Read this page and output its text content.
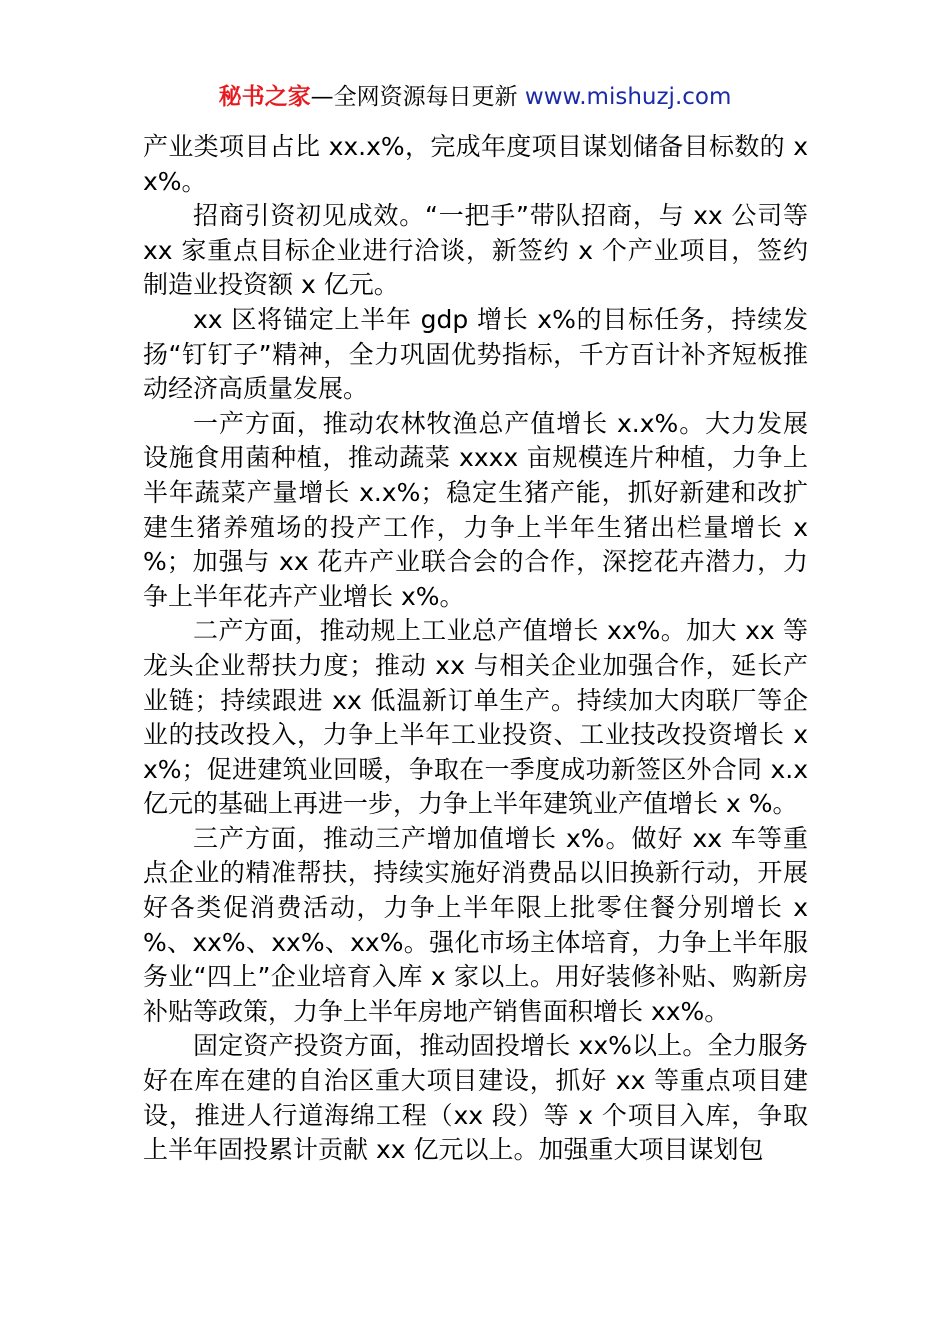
秘书之家—全网资源每日更新 www.mishuzj.com

产业类项目占比 xx.x%，完成年度项目谋划储备目标数的 xx%。

招商引资初见成效。“一把手”带队招商，与 xx 公司等 xx 家重点目标企业进行洽谈，新签约 x 个产业项目，签约制造业投资额 x 亿元。

xx 区将锚定上半年 gdp 增长 x%的目标任务，持续发扬“钉钉子”精神，全力巩固优势指标，千方百计补齐短板推动经济高质量发展。

一产方面，推动农林牧渔总产值增长 x.x%。大力发展设施食用菌种植，推动蔬菜 xxxx 亩规模连片种植，力争上半年蔬菜产量增长 x.x%；稳定生猪产能，抓好新建和改扩建生猪养殖场的投产工作，力争上半年生猪出栏量增长 x %；加强与 xx 花卉产业联合会的合作，深挖花卉潜力，力争上半年花卉产业增长 x%。

二产方面，推动规上工业总产值增长 xx%。加大 xx 等龙头企业帮扶力度；推动 xx 与相关企业加强合作，延长产业链；持续跟进 xx 低温新订单生产。持续加大肉联厂等企业的技改投入，力争上半年工业投资、工业技改投资增长 xx%；促进建筑业回暖，争取在一季度成功新签区外合同 x.x 亿元的基础上再进一步，力争上半年建筑业产值增长 x %。

三产方面，推动三产增加值增长 x%。做好 xx 车等重点企业的精准帮扶，持续实施好消费品以旧换新行动，开展好各类促消费活动，力争上半年限上批零住餐分别增长 x %、xx%、xx%、xx%。强化市场主体培育，力争上半年服务业“四上”企业培育入库 x 家以上。用好装修补贴、购新房补贴等政策，力争上半年房地产销售面积增长 xx%。

固定资产投资方面，推动固投增长 xx%以上。全力服务好在库在建的自治区重大项目建设，抓好 xx 等重点项目建设，推进人行道海绵工程（xx 段）等 x 个项目入库，争取上半年固投累计贡献 xx 亿元以上。加强重大项目谋划包
